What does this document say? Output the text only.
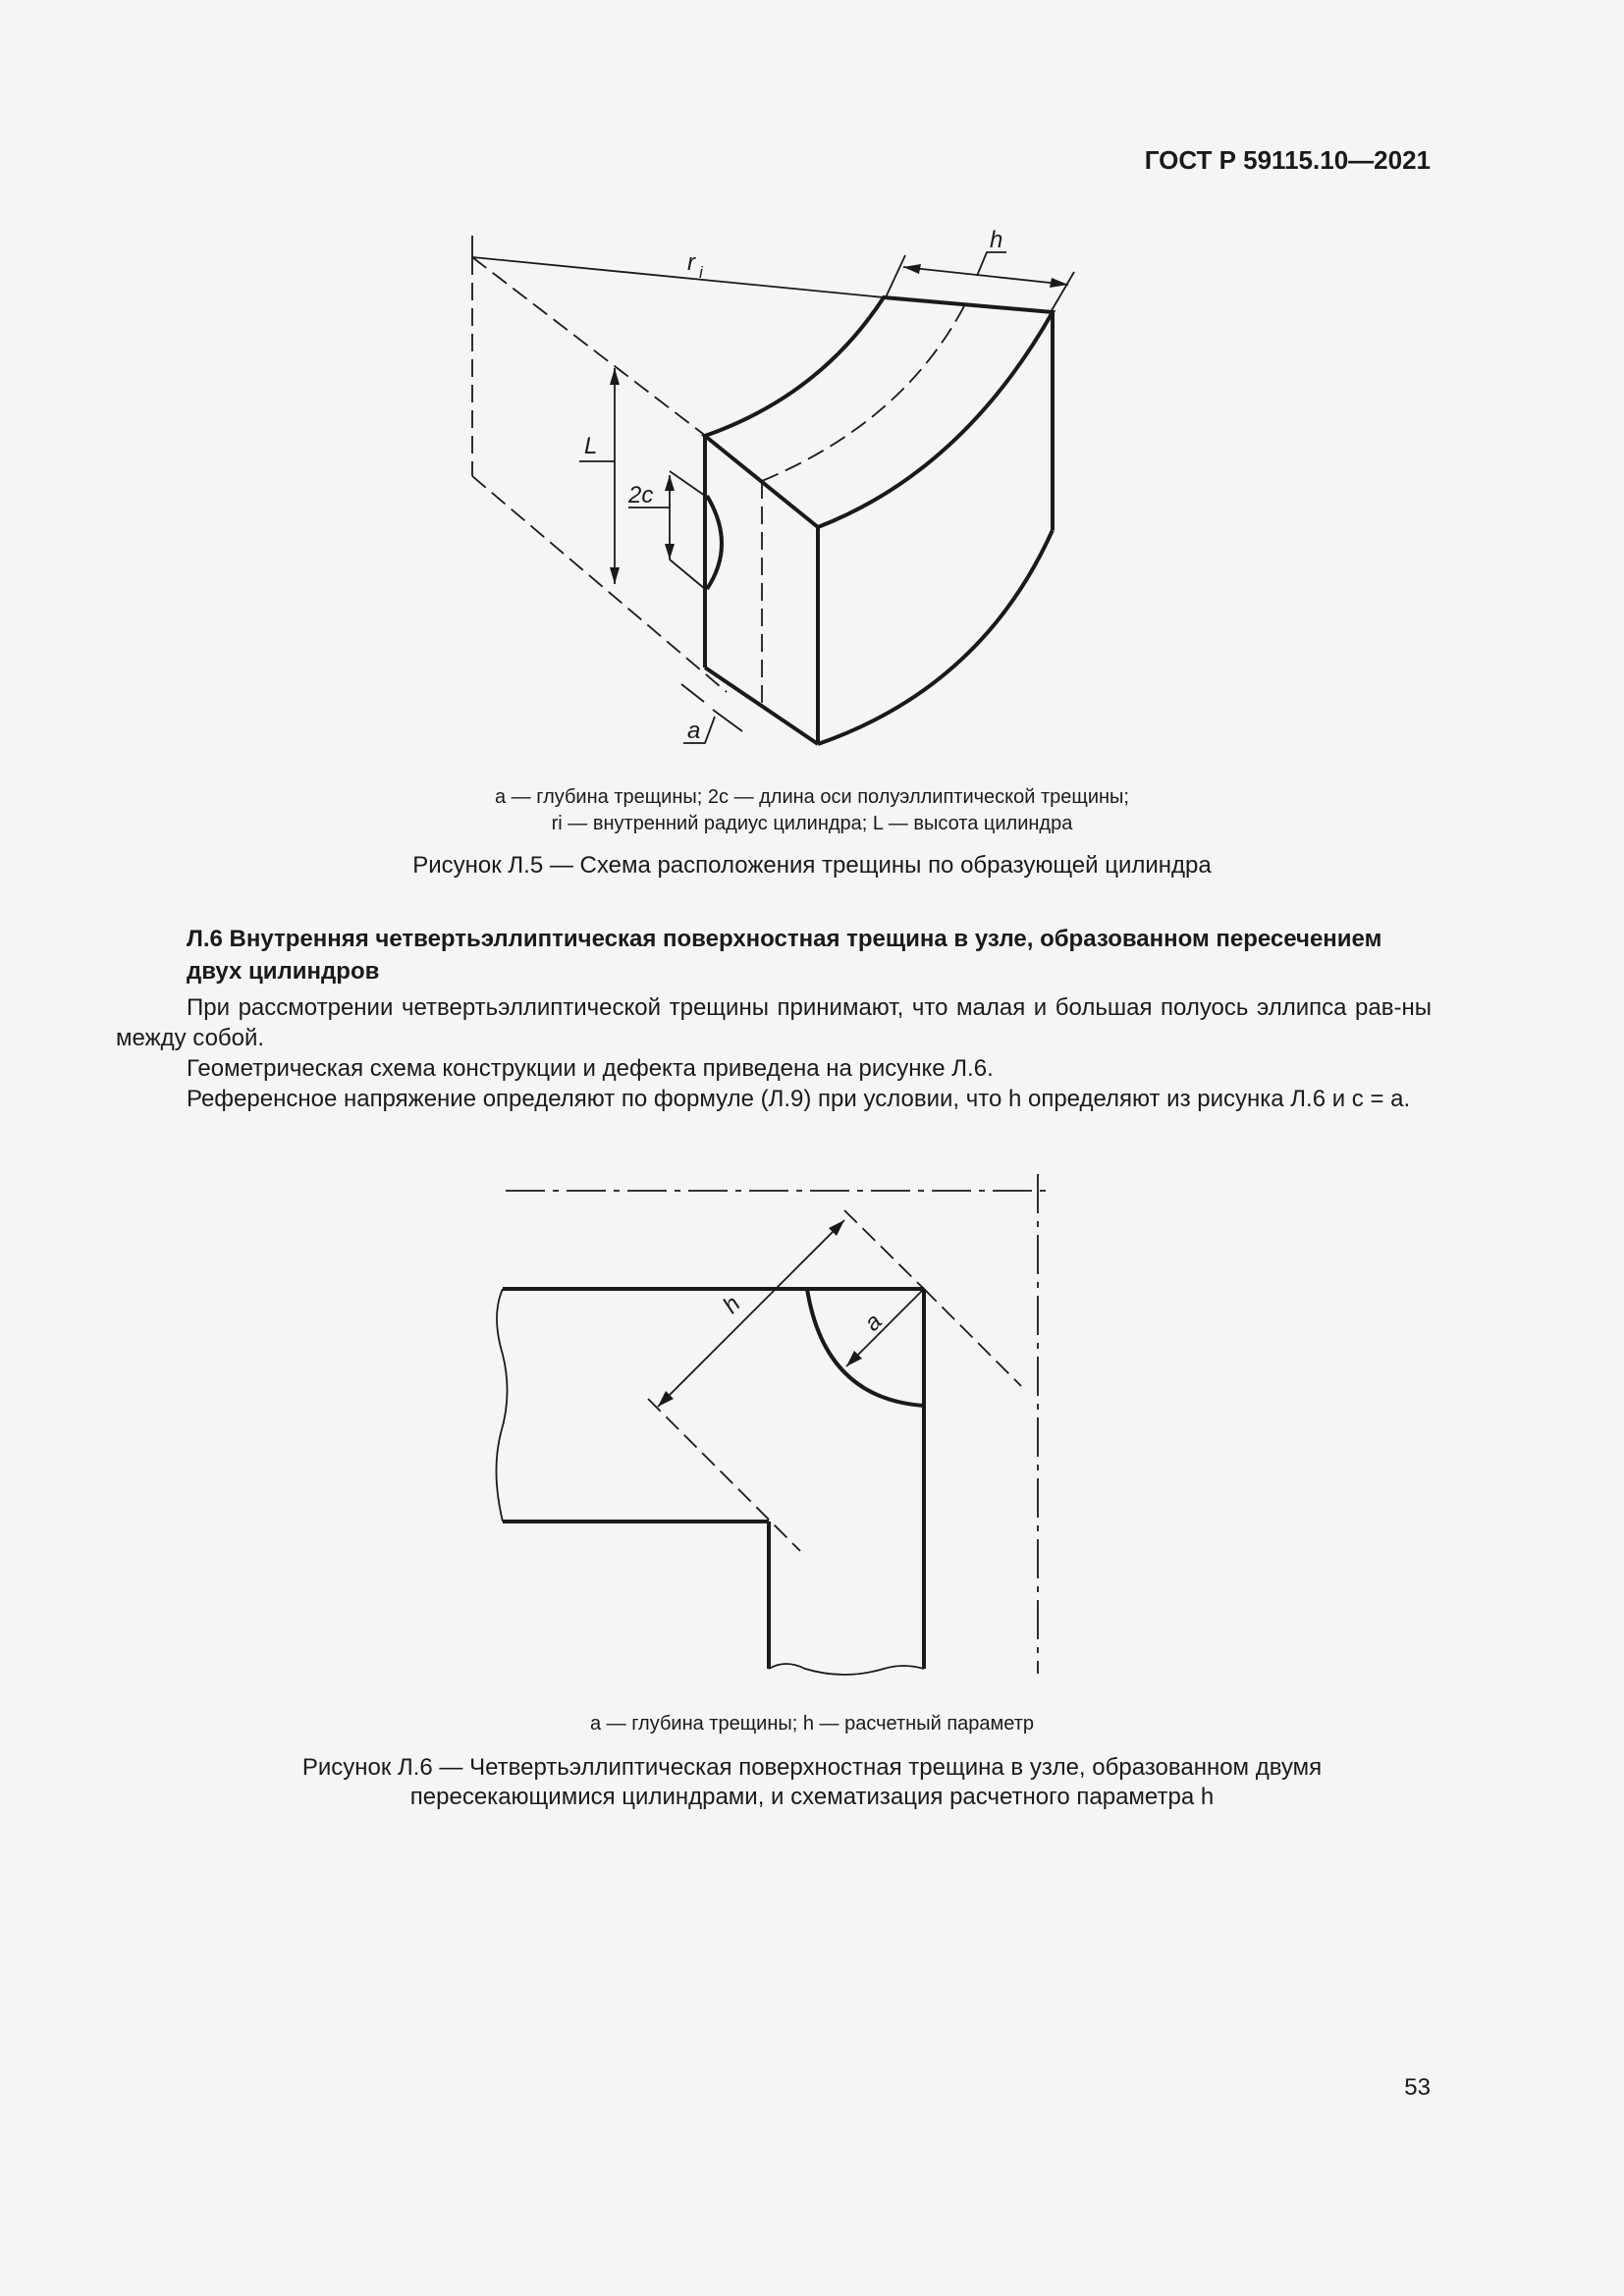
ГОСТ Р 59115.10—2021
h
r i
L
2c
a
a — глубина трещины; 2c — длина оси полуэллиптической трещины;
ri — внутренний радиус цилиндра; L — высота цилиндра
Рисунок Л.5 — Схема расположения трещины по образующей цилиндра
Л.6 Внутренняя четвертьэллиптическая поверхностная трещина в узле, образованном пересечением двух цилиндров
При рассмотрении четвертьэллиптической трещины принимают, что малая и большая полуось эллипса рав-ны между собой.
Геометрическая схема конструкции и дефекта приведена на рисунке Л.6.
Референсное напряжение определяют по формуле (Л.9) при условии, что h определяют из рисунка Л.6 и c = a.
h
a
a — глубина трещины; h — расчетный параметр
Рисунок Л.6 — Четвертьэллиптическая поверхностная трещина в узле, образованном двумя
пересекающимися цилиндрами, и схематизация расчетного параметра h
53
